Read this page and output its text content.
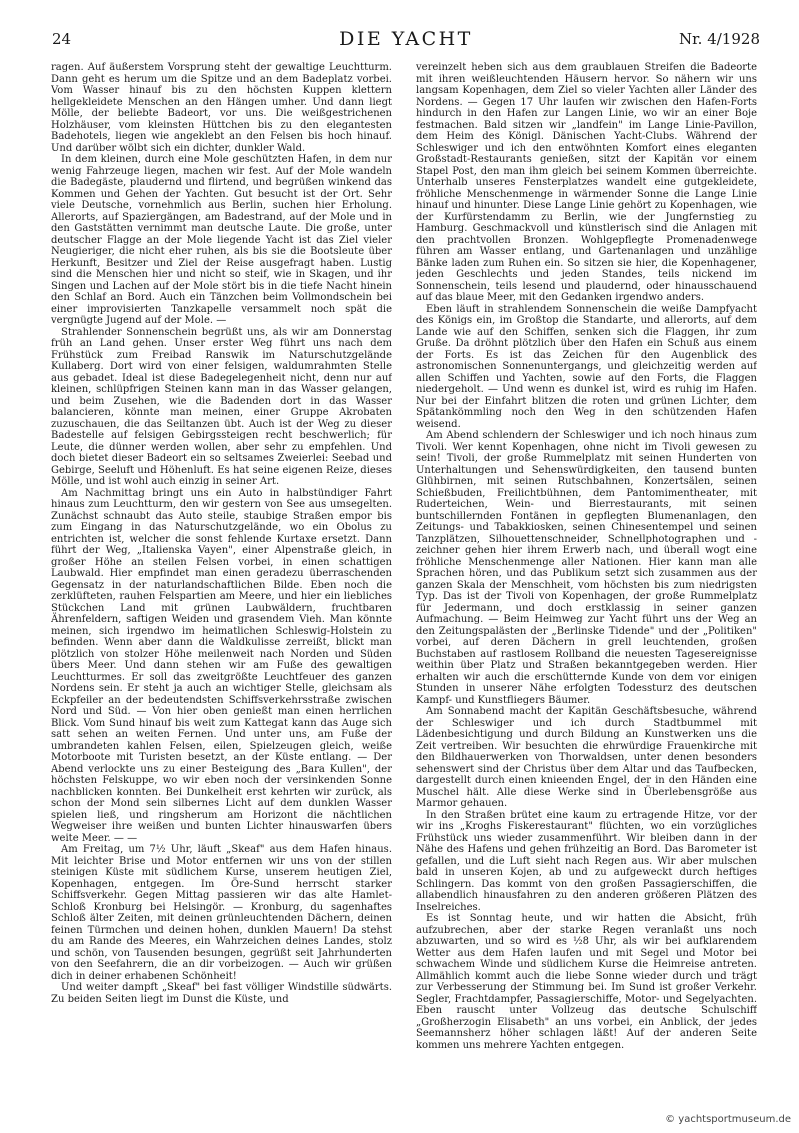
24	DIE YACHT	Nr. 4/1928

ragen. Auf äußerstem Vorsprung steht der gewaltige Leuchtturm. Dann geht es herum um die Spitze und an dem Badeplatz vorbei. Vom Wasser hinauf bis zu den höchsten Kuppen klettern hellgekleidete Menschen an den Hängen umher. Und dann liegt Mölle, der beliebte Badeort, vor uns. Die weißgestrichenen Holzhäuser, vom kleinsten Hüttchen bis zu den elegantesten Badehotels, liegen wie angeklebt an den Felsen bis hoch hinauf. Und darüber wölbt sich ein dichter, dunkler Wald.

In dem kleinen, durch eine Mole geschützten Hafen, in dem nur wenig Fahrzeuge liegen, machen wir fest. Auf der Mole wandeln die Badegäste, plaudernd und flirtend, und begrüßen winkend das Kommen und Gehen der Yachten. Gut besucht ist der Ort. Sehr viele Deutsche, vornehmlich aus Berlin, suchen hier Erholung. Allerorts, auf Spaziergängen, am Badestrand, auf der Mole und in den Gaststätten vernimmt man deutsche Laute. Die große, unter deutscher Flagge an der Mole liegende Yacht ist das Ziel vieler Neugieriger, die nicht eher ruhen, als bis sie die Bootsleute über Herkunft, Besitzer und Ziel der Reise ausgefragt haben. Lustig sind die Menschen hier und nicht so steif, wie in Skagen, und ihr Singen und Lachen auf der Mole stört bis in die tiefe Nacht hinein den Schlaf an Bord. Auch ein Tänzchen beim Vollmondschein bei einer improvisierten Tanzkapelle versammelt noch spät die vergnügte Jugend auf der Mole. —

Strahlender Sonnenschein begrüßt uns, als wir am Donnerstag früh an Land gehen. Unser erster Weg führt uns nach dem Frühstück zum Freibad Ranswik im Naturschutzgelände Kullaberg. Dort wird von einer felsigen, waldumrahmten Stelle aus gebadet. Ideal ist diese Badegelegenheit nicht, denn nur auf kleinen, schlüpfrigen Steinen kann man in das Wasser gelangen, und beim Zusehen, wie die Badenden dort in das Wasser balancieren, könnte man meinen, einer Gruppe Akrobaten zuzuschauen, die das Seiltanzen übt. Auch ist der Weg zu dieser Badestelle auf felsigen Gebirgssteigen recht beschwerlich; für Leute, die dünner werden wollen, aber sehr zu empfehlen. Und doch bietet dieser Badeort ein so seltsames Zweierlei: Seebad und Gebirge, Seeluft und Höhenluft. Es hat seine eigenen Reize, dieses Mölle, und ist wohl auch einzig in seiner Art.

Am Nachmittag bringt uns ein Auto in halbstündiger Fahrt hinaus zum Leuchtturm, den wir gestern von See aus umsegelten. Zunächst schnaubt das Auto steile, staubige Straßen empor bis zum Eingang in das Naturschutzgelände, wo ein Obolus zu entrichten ist, welcher die sonst fehlende Kurtaxe ersetzt. Dann führt der Weg, „Italienska Vayen", einer Alpenstraße gleich, in großer Höhe an steilen Felsen vorbei, in einen schattigen Laubwald. Hier empfindet man einen geradezu überraschenden Gegensatz in der naturlandschaftlichen Bilde. Eben noch die zerklüfteten, rauhen Felspartien am Meere, und hier ein liebliches Stückchen Land mit grünen Laubwäldern, fruchtbaren Ährenfeldern, saftigen Weiden und grasendem Vieh. Man könnte meinen, sich irgendwo im heimatlichen Schleswig-Holstein zu befinden. Wenn aber dann die Waldkulisse zerreißt, blickt man plötzlich von stolzer Höhe meilenweit nach Norden und Süden übers Meer. Und dann stehen wir am Fuße des gewaltigen Leuchtturmes. Er soll das zweitgrößte Leuchtfeuer des ganzen Nordens sein. Er steht ja auch an wichtiger Stelle, gleichsam als Eckpfeiler an der bedeutendsten Schiffsverkehrsstraße zwischen Nord und Süd. — Von hier oben genießt man einen herrlichen Blick. Vom Sund hinauf bis weit zum Kattegat kann das Auge sich satt sehen an weiten Fernen. Und unter uns, am Fuße der umbrandeten kahlen Felsen, eilen, Spielzeugen gleich, weiße Motorboote mit Turisten besetzt, an der Küste entlang. — Der Abend verlockte uns zu einer Besteigung des „Bara Kullen", der höchsten Felskuppe, wo wir eben noch der versinkenden Sonne nachblicken konnten. Bei Dunkelheit erst kehrten wir zurück, als schon der Mond sein silbernes Licht auf dem dunklen Wasser spielen ließ, und ringsherum am Horizont die nächtlichen Wegweiser ihre weißen und bunten Lichter hinauswarfen übers weite Meer. — —

Am Freitag, um 7½ Uhr, läuft „Skeaf" aus dem Hafen hinaus. Mit leichter Brise und Motor entfernen wir uns von der stillen steinigen Küste mit südlichem Kurse, unserem heutigen Ziel, Kopenhagen, entgegen. Im Öre-Sund herrscht starker Schiffsverkehr. Gegen Mittag passieren wir das alte Hamlet-Schloß Kronburg bei Helsingör. — Kronburg, du sagenhaftes Schloß älter Zeiten, mit deinen grünleuchtenden Dächern, deinen feinen Türmchen und deinen hohen, dunklen Mauern! Da stehst du am Rande des Meeres, ein Wahrzeichen deines Landes, stolz und schön, von Tausenden besungen, gegrüßt seit Jahrhunderten von den Seefahrern, die an dir vorbeizogen. — Auch wir grüßen dich in deiner erhabenen Schönheit!

Und weiter dampft „Skeaf" bei fast völliger Windstille südwärts. Zu beiden Seiten liegt im Dunst die Küste, und

vereinzelt heben sich aus dem graublauen Streifen die Badeorte mit ihren weißleuchtenden Häusern hervor. So nähern wir uns langsam Kopenhagen, dem Ziel so vieler Yachten aller Länder des Nordens. — Gegen 17 Uhr laufen wir zwischen den Hafen-Forts hindurch in den Hafen zur Langen Linie, wo wir an einer Boje festmachen. Bald sitzen wir „landfein" im Lange Linie-Pavillon, dem Heim des Königl. Dänischen Yacht-Clubs. Während der Schleswiger und ich den entwöhnten Komfort eines eleganten Großstadt-Restaurants genießen, sitzt der Kapitän vor einem Stapel Post, den man ihm gleich bei seinem Kommen überreichte. Unterhalb unseres Fensterplatzes wandelt eine gutgekleidete, fröhliche Menschenmenge in wärmender Sonne die Lange Linie hinauf und hinunter. Diese Lange Linie gehört zu Kopenhagen, wie der Kurfürstendamm zu Berlin, wie der Jungfernstieg zu Hamburg. Geschmackvoll und künstlerisch sind die Anlagen mit den prachtvollen Bronzen. Wohlgepflegte Promenadenwege führen am Wasser entlang, und Gartenanlagen und unzählige Bänke laden zum Ruhen ein. So sitzen sie hier, die Kopenhagener, jeden Geschlechts und jeden Standes, teils nickend im Sonnenschein, teils lesend und plaudernd, oder hinausschauend auf das blaue Meer, mit den Gedanken irgendwo anders.

Eben läuft in strahlendem Sonnenschein die weiße Dampfyacht des Königs ein, im Großtop die Standarte, und allerorts, auf dem Lande wie auf den Schiffen, senken sich die Flaggen, ihr zum Gruße. Da dröhnt plötzlich über den Hafen ein Schuß aus einem der Forts. Es ist das Zeichen für den Augenblick des astronomischen Sonnenuntergangs, und gleichzeitig werden auf allen Schiffen und Yachten, sowie auf den Forts, die Flaggen niedergeholt. — Und wenn es dunkel ist, wird es ruhig im Hafen. Nur bei der Einfahrt blitzen die roten und grünen Lichter, dem Spätankömmling noch den Weg in den schützenden Hafen weisend.

Am Abend schlendern der Schleswiger und ich noch hinaus zum Tivoli. Wer kennt Kopenhagen, ohne nicht im Tivoli gewesen zu sein! Tivoli, der große Rummelplatz mit seinen Hunderten von Unterhaltungen und Sehenswürdigkeiten, den tausend bunten Glühbirnen, mit seinen Rutschbahnen, Konzertsälen, seinen Schießbuden, Freilichtbühnen, dem Pantomimentheater, mit Ruderteichen, Wein- und Bierrestaurants, mit seinen buntschillernden Fontänen in gepflegten Blumenanlagen, den Zeitungs- und Tabakkiosken, seinen Chinesentempel und seinen Tanzplätzen, Silhouettenschneider, Schnellphotographen und -zeichner gehen hier ihrem Erwerb nach, und überall wogt eine fröhliche Menschenmenge aller Nationen. Hier kann man alle Sprachen hören, und das Publikum setzt sich zusammen aus der ganzen Skala der Menschheit, vom höchsten bis zum niedrigsten Typ. Das ist der Tivoli von Kopenhagen, der große Rummelplatz für Jedermann, und doch erstklassig in seiner ganzen Aufmachung. — Beim Heimweg zur Yacht führt uns der Weg an den Zeitungspalästen der „Berlinske Tidende" und der „Politiken" vorbei, auf deren Dächern in grell leuchtenden, großen Buchstaben auf rastlosem Rollband die neuesten Tagesereignisse weithin über Platz und Straßen bekanntgegeben werden. Hier erhalten wir auch die erschütternde Kunde von dem vor einigen Stunden in unserer Nähe erfolgten Todessturz des deutschen Kampf- und Kunstfliegers Bäumer.

Am Sonnabend macht der Kapitän Geschäftsbesuche, während der Schleswiger und ich durch Stadtbummel mit Lädenbesichtigung und durch Bildung an Kunstwerken uns die Zeit vertreiben. Wir besuchten die ehrwürdige Frauenkirche mit den Bildhauerwerken von Thorwaldsen, unter denen besonders sehenswert sind der Christus über dem Altar und das Taufbecken, dargestellt durch einen knieenden Engel, der in den Händen eine Muschel hält. Alle diese Werke sind in Überlebensgröße aus Marmor gehauen.

In den Straßen brütet eine kaum zu ertragende Hitze, vor der wir ins „Kroghs Fiskerestaurant" flüchten, wo ein vorzügliches Frühstück uns wieder zusammenführt. Wir bleiben dann in der Nähe des Hafens und gehen frühzeitig an Bord. Das Barometer ist gefallen, und die Luft sieht nach Regen aus. Wir aber mulschen bald in unseren Kojen, ab und zu aufgeweckt durch heftiges Schlingern. Das kommt von den großen Passagierschiffen, die allabendlich hinausfahren zu den anderen größeren Plätzen des Inselreiches.

Es ist Sonntag heute, und wir hatten die Absicht, früh aufzubrechen, aber der starke Regen veranlaßt uns noch abzuwarten, und so wird es ½8 Uhr, als wir bei aufklarendem Wetter aus dem Hafen laufen und mit Segel und Motor bei schwachem Winde und südlichem Kurse die Heimreise antreten. Allmählich kommt auch die liebe Sonne wieder durch und trägt zur Verbesserung der Stimmung bei. Im Sund ist großer Verkehr. Segler, Frachtdampfer, Passagierschiffe, Motor- und Segelyachten. Eben rauscht unter Vollzeug das deutsche Schulschiff „Großherzogin Elisabeth" an uns vorbei, ein Anblick, der jedes Seemannsherz höher schlagen läßt! Auf der anderen Seite kommen uns mehrere Yachten entgegen.

© yachtsportmuseum.de
